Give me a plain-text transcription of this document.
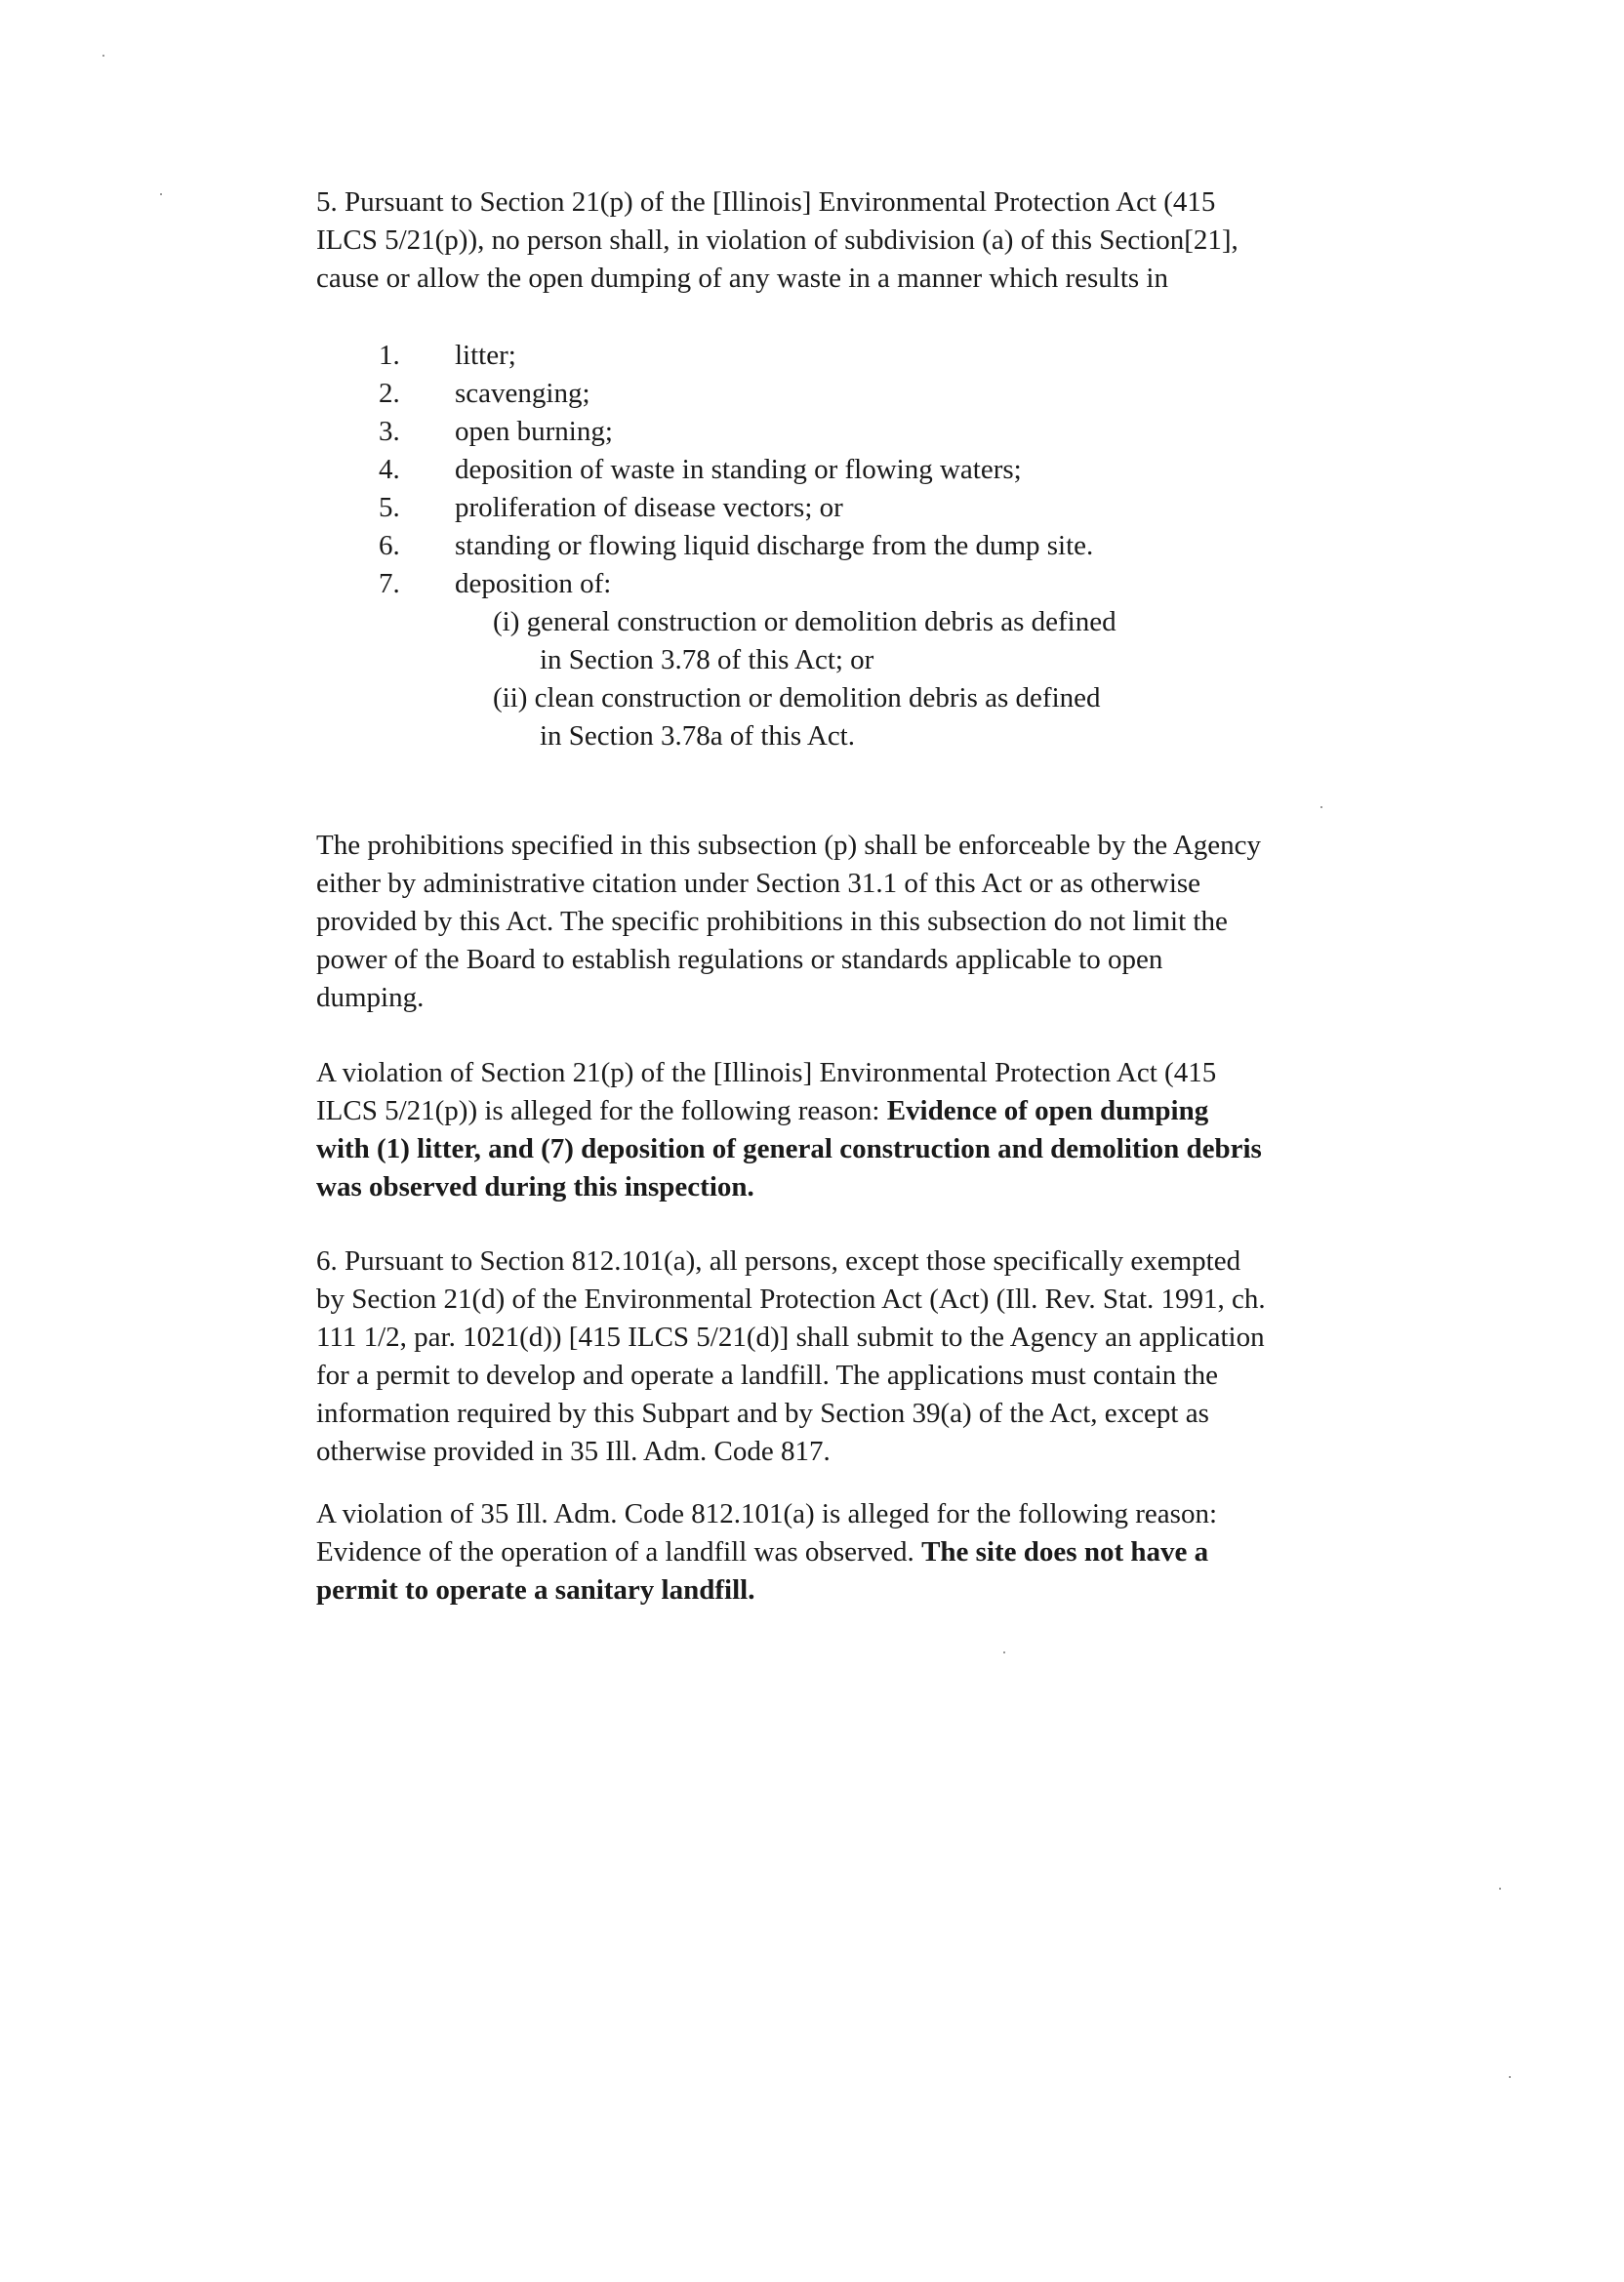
5. Pursuant to Section 21(p) of the [Illinois] Environmental Protection Act (415
ILCS 5/21(p)), no person shall, in violation of subdivision (a) of this Section[21],
cause or allow the open dumping of any waste in a manner which results in

1. litter;
2. scavenging;
3. open burning;
4. deposition of waste in standing or flowing waters;
5. proliferation of disease vectors; or
6. standing or flowing liquid discharge from the dump site.
7. deposition of:
(i) general construction or demolition debris as defined
in Section 3.78 of this Act; or
(ii) clean construction or demolition debris as defined
in Section 3.78a of this Act.

The prohibitions specified in this subsection (p) shall be enforceable by the Agency
either by administrative citation under Section 31.1 of this Act or as otherwise
provided by this Act. The specific prohibitions in this subsection do not limit the
power of the Board to establish regulations or standards applicable to open
dumping.

A violation of Section 21(p) of the [Illinois] Environmental Protection Act (415
ILCS 5/21(p)) is alleged for the following reason: Evidence of open dumping
with (1) litter, and (7) deposition of general construction and demolition debris
was observed during this inspection.

6. Pursuant to Section 812.101(a), all persons, except those specifically exempted
by Section 21(d) of the Environmental Protection Act (Act) (Ill. Rev. Stat. 1991, ch.
111 1/2, par. 1021(d)) [415 ILCS 5/21(d)] shall submit to the Agency an application
for a permit to develop and operate a landfill. The applications must contain the
information required by this Subpart and by Section 39(a) of the Act, except as
otherwise provided in 35 Ill. Adm. Code 817.

A violation of 35 Ill. Adm. Code 812.101(a) is alleged for the following reason:
Evidence of the operation of a landfill was observed. The site does not have a
permit to operate a sanitary landfill.
